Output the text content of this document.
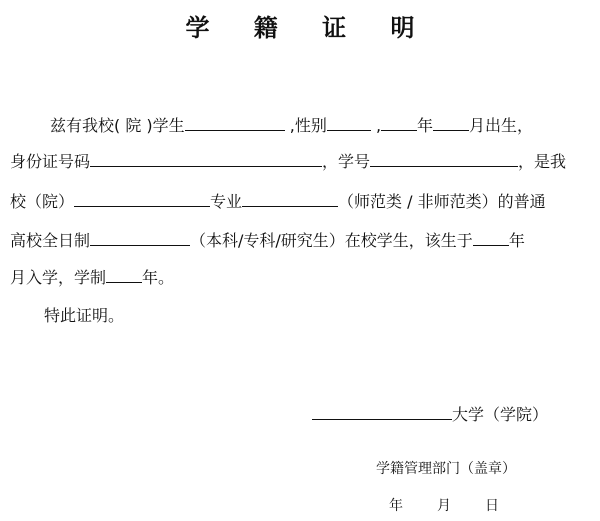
学 籍 证 明
兹有我校( 院 )学生	,性别	, 年 月出生，
身份证号码	，学号	，是我
校（院）	专业	（师范类 / 非师范类）的普通
高校全日制	（本科/专科/研究生）在校学生，该生于 年
月入学，学制 年。
特此证明。
大学（学院）
学籍管理部门（盖章）
年 月 日
